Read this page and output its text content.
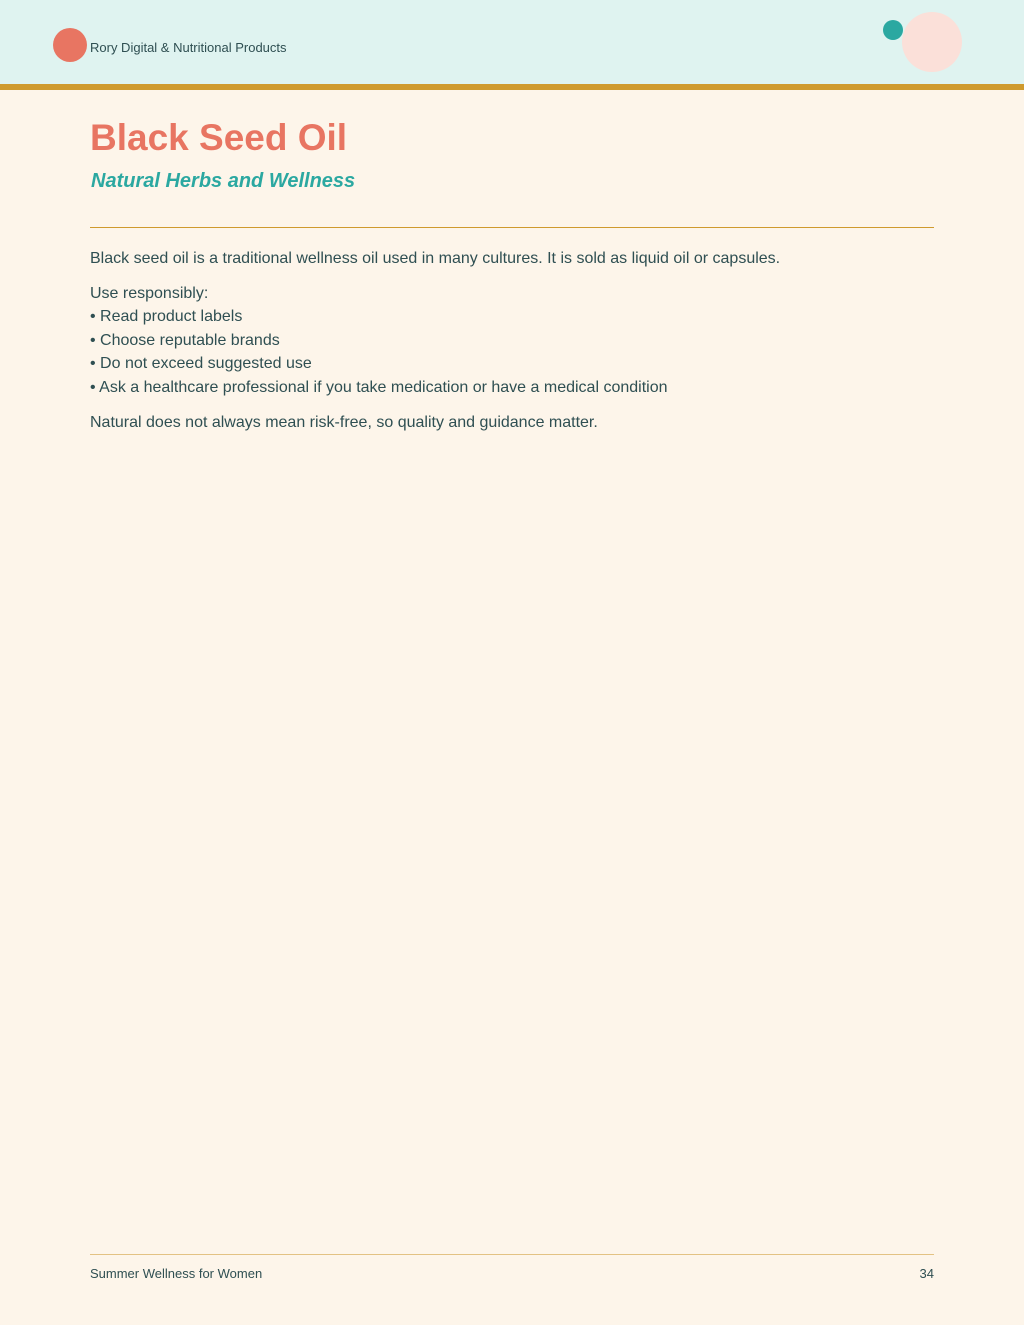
Rory Digital & Nutritional Products
Black Seed Oil
Natural Herbs and Wellness

Black seed oil is a traditional wellness oil used in many cultures. It is sold as liquid oil or capsules.

Use responsibly:

• Read product labels
• Choose reputable brands
• Do not exceed suggested use
• Ask a healthcare professional if you take medication or have a medical condition

Natural does not always mean risk-free, so quality and guidance matter.

Summer Wellness for Women	34
